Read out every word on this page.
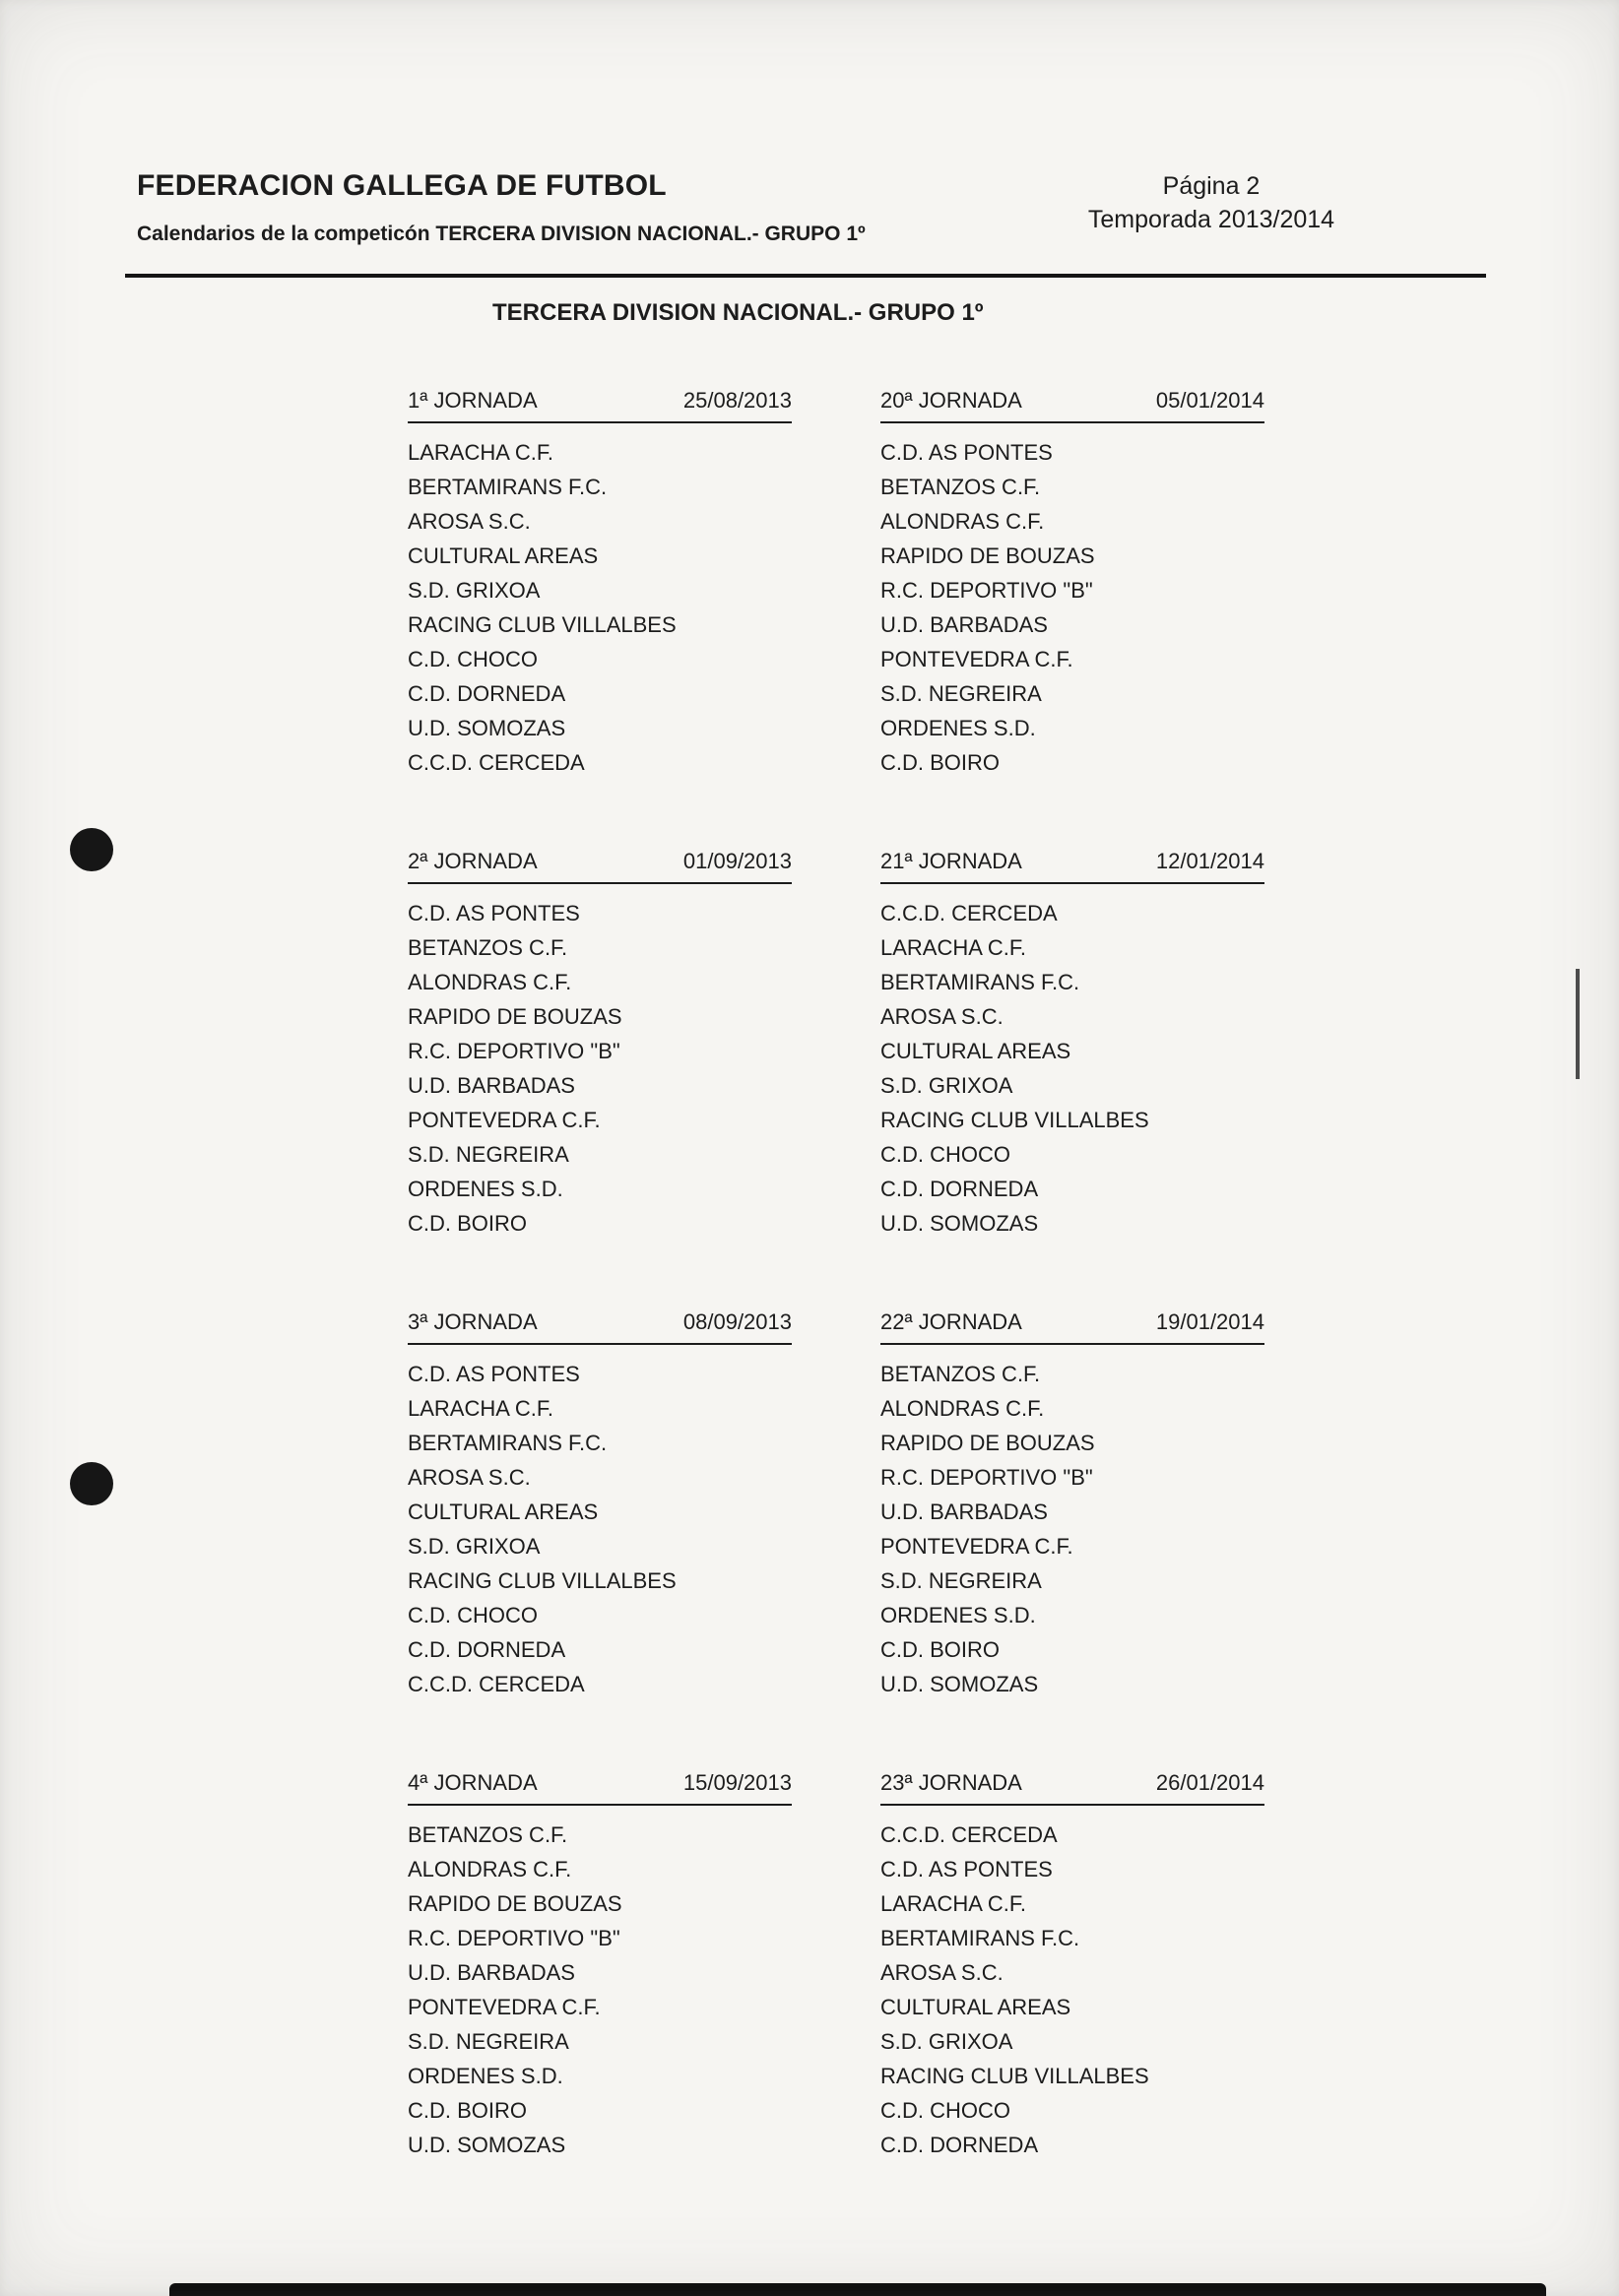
FEDERACION GALLEGA DE FUTBOL
Calendarios de la competicón TERCERA DIVISION NACIONAL.- GRUPO 1º
Página 2
Temporada 2013/2014
TERCERA DIVISION NACIONAL.- GRUPO 1º
1ª JORNADA	25/08/2013
LARACHA C.F.
BERTAMIRANS F.C.
AROSA S.C.
CULTURAL AREAS
S.D. GRIXOA
RACING CLUB VILLALBES
C.D. CHOCO
C.D. DORNEDA
U.D. SOMOZAS
C.C.D. CERCEDA
2ª JORNADA	01/09/2013
C.D. AS PONTES
BETANZOS C.F.
ALONDRAS C.F.
RAPIDO DE BOUZAS
R.C. DEPORTIVO "B"
U.D. BARBADAS
PONTEVEDRA C.F.
S.D. NEGREIRA
ORDENES S.D.
C.D. BOIRO
3ª JORNADA	08/09/2013
C.D. AS PONTES
LARACHA C.F.
BERTAMIRANS F.C.
AROSA S.C.
CULTURAL AREAS
S.D. GRIXOA
RACING CLUB VILLALBES
C.D. CHOCO
C.D. DORNEDA
C.C.D. CERCEDA
4ª JORNADA	15/09/2013
BETANZOS C.F.
ALONDRAS C.F.
RAPIDO DE BOUZAS
R.C. DEPORTIVO "B"
U.D. BARBADAS
PONTEVEDRA C.F.
S.D. NEGREIRA
ORDENES S.D.
C.D. BOIRO
U.D. SOMOZAS
20ª JORNADA	05/01/2014
C.D. AS PONTES
BETANZOS C.F.
ALONDRAS C.F.
RAPIDO DE BOUZAS
R.C. DEPORTIVO "B"
U.D. BARBADAS
PONTEVEDRA C.F.
S.D. NEGREIRA
ORDENES S.D.
C.D. BOIRO
21ª JORNADA	12/01/2014
C.C.D. CERCEDA
LARACHA C.F.
BERTAMIRANS F.C.
AROSA S.C.
CULTURAL AREAS
S.D. GRIXOA
RACING CLUB VILLALBES
C.D. CHOCO
C.D. DORNEDA
U.D. SOMOZAS
22ª JORNADA	19/01/2014
BETANZOS C.F.
ALONDRAS C.F.
RAPIDO DE BOUZAS
R.C. DEPORTIVO "B"
U.D. BARBADAS
PONTEVEDRA C.F.
S.D. NEGREIRA
ORDENES S.D.
C.D. BOIRO
U.D. SOMOZAS
23ª JORNADA	26/01/2014
C.C.D. CERCEDA
C.D. AS PONTES
LARACHA C.F.
BERTAMIRANS F.C.
AROSA S.C.
CULTURAL AREAS
S.D. GRIXOA
RACING CLUB VILLALBES
C.D. CHOCO
C.D. DORNEDA
